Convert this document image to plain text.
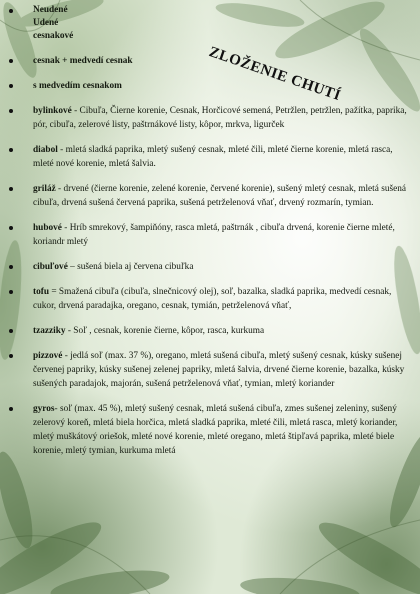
ZLOŽENIE CHUTÍ
Neudené
Udené
cesnakové
cesnak + medvedí cesnak
s medvedím cesnakom
bylinkové - Cibuľa, Čierne korenie, Cesnak, Horčicové semená, Petržlen, petržlen, pažítka, paprika, pór, cibuľa, zelerové listy, paštrnákové listy, kôpor, mrkva, ligurček
diabol - mletá sladká paprika, mletý sušený cesnak, mleté čili, mleté čierne korenie, mletá rasca, mleté nové korenie, mletá šalvia.
griláž - drvené (čierne korenie, zelené korenie, červené korenie), sušený mletý cesnak, mletá sušená cibuľa, drvená sušená červená paprika, sušená petrželenová vňať, drvený rozmarín, tymian.
hubové - Hríb smrekový, šampiňóny, rasca mletá, paštrnák , cibuľa drvená, korenie čierne mleté, koriandr mletý
cibuľové – sušená biela aj červena cibuľka
tofu = Smažená cibuľa (cibuľa, slnečnicový olej), soľ, bazalka, sladká paprika, medvedí cesnak, cukor, drvená paradajka, oregano, cesnak, tymián, petrželenová vňať,
tzazziky - Soľ , cesnak, korenie čierne, kôpor, rasca, kurkuma
pizzové - jedlá soľ (max. 37 %), oregano, mletá sušená cibuľa, mletý sušený cesnak, kúsky sušenej červenej papriky, kúsky sušenej zelenej papriky, mletá šalvia, drvené čierne korenie, bazalka, kúsky sušených paradajok, majorán, sušená petrželenová vňať, tymian, mletý koriander
gyros- soľ (max. 45 %), mletý sušený cesnak, mletá sušená cibuľa, zmes sušenej zeleniny, sušený zelerový koreň, mletá biela horčica, mletá sladká paprika, mleté čili, mletá rasca, mletý koriander, mletý muškátový oriešok, mleté nové korenie, mleté oregano, mletá štipľavá paprika, mleté biele korenie, mletý tymian, kurkuma mletá
